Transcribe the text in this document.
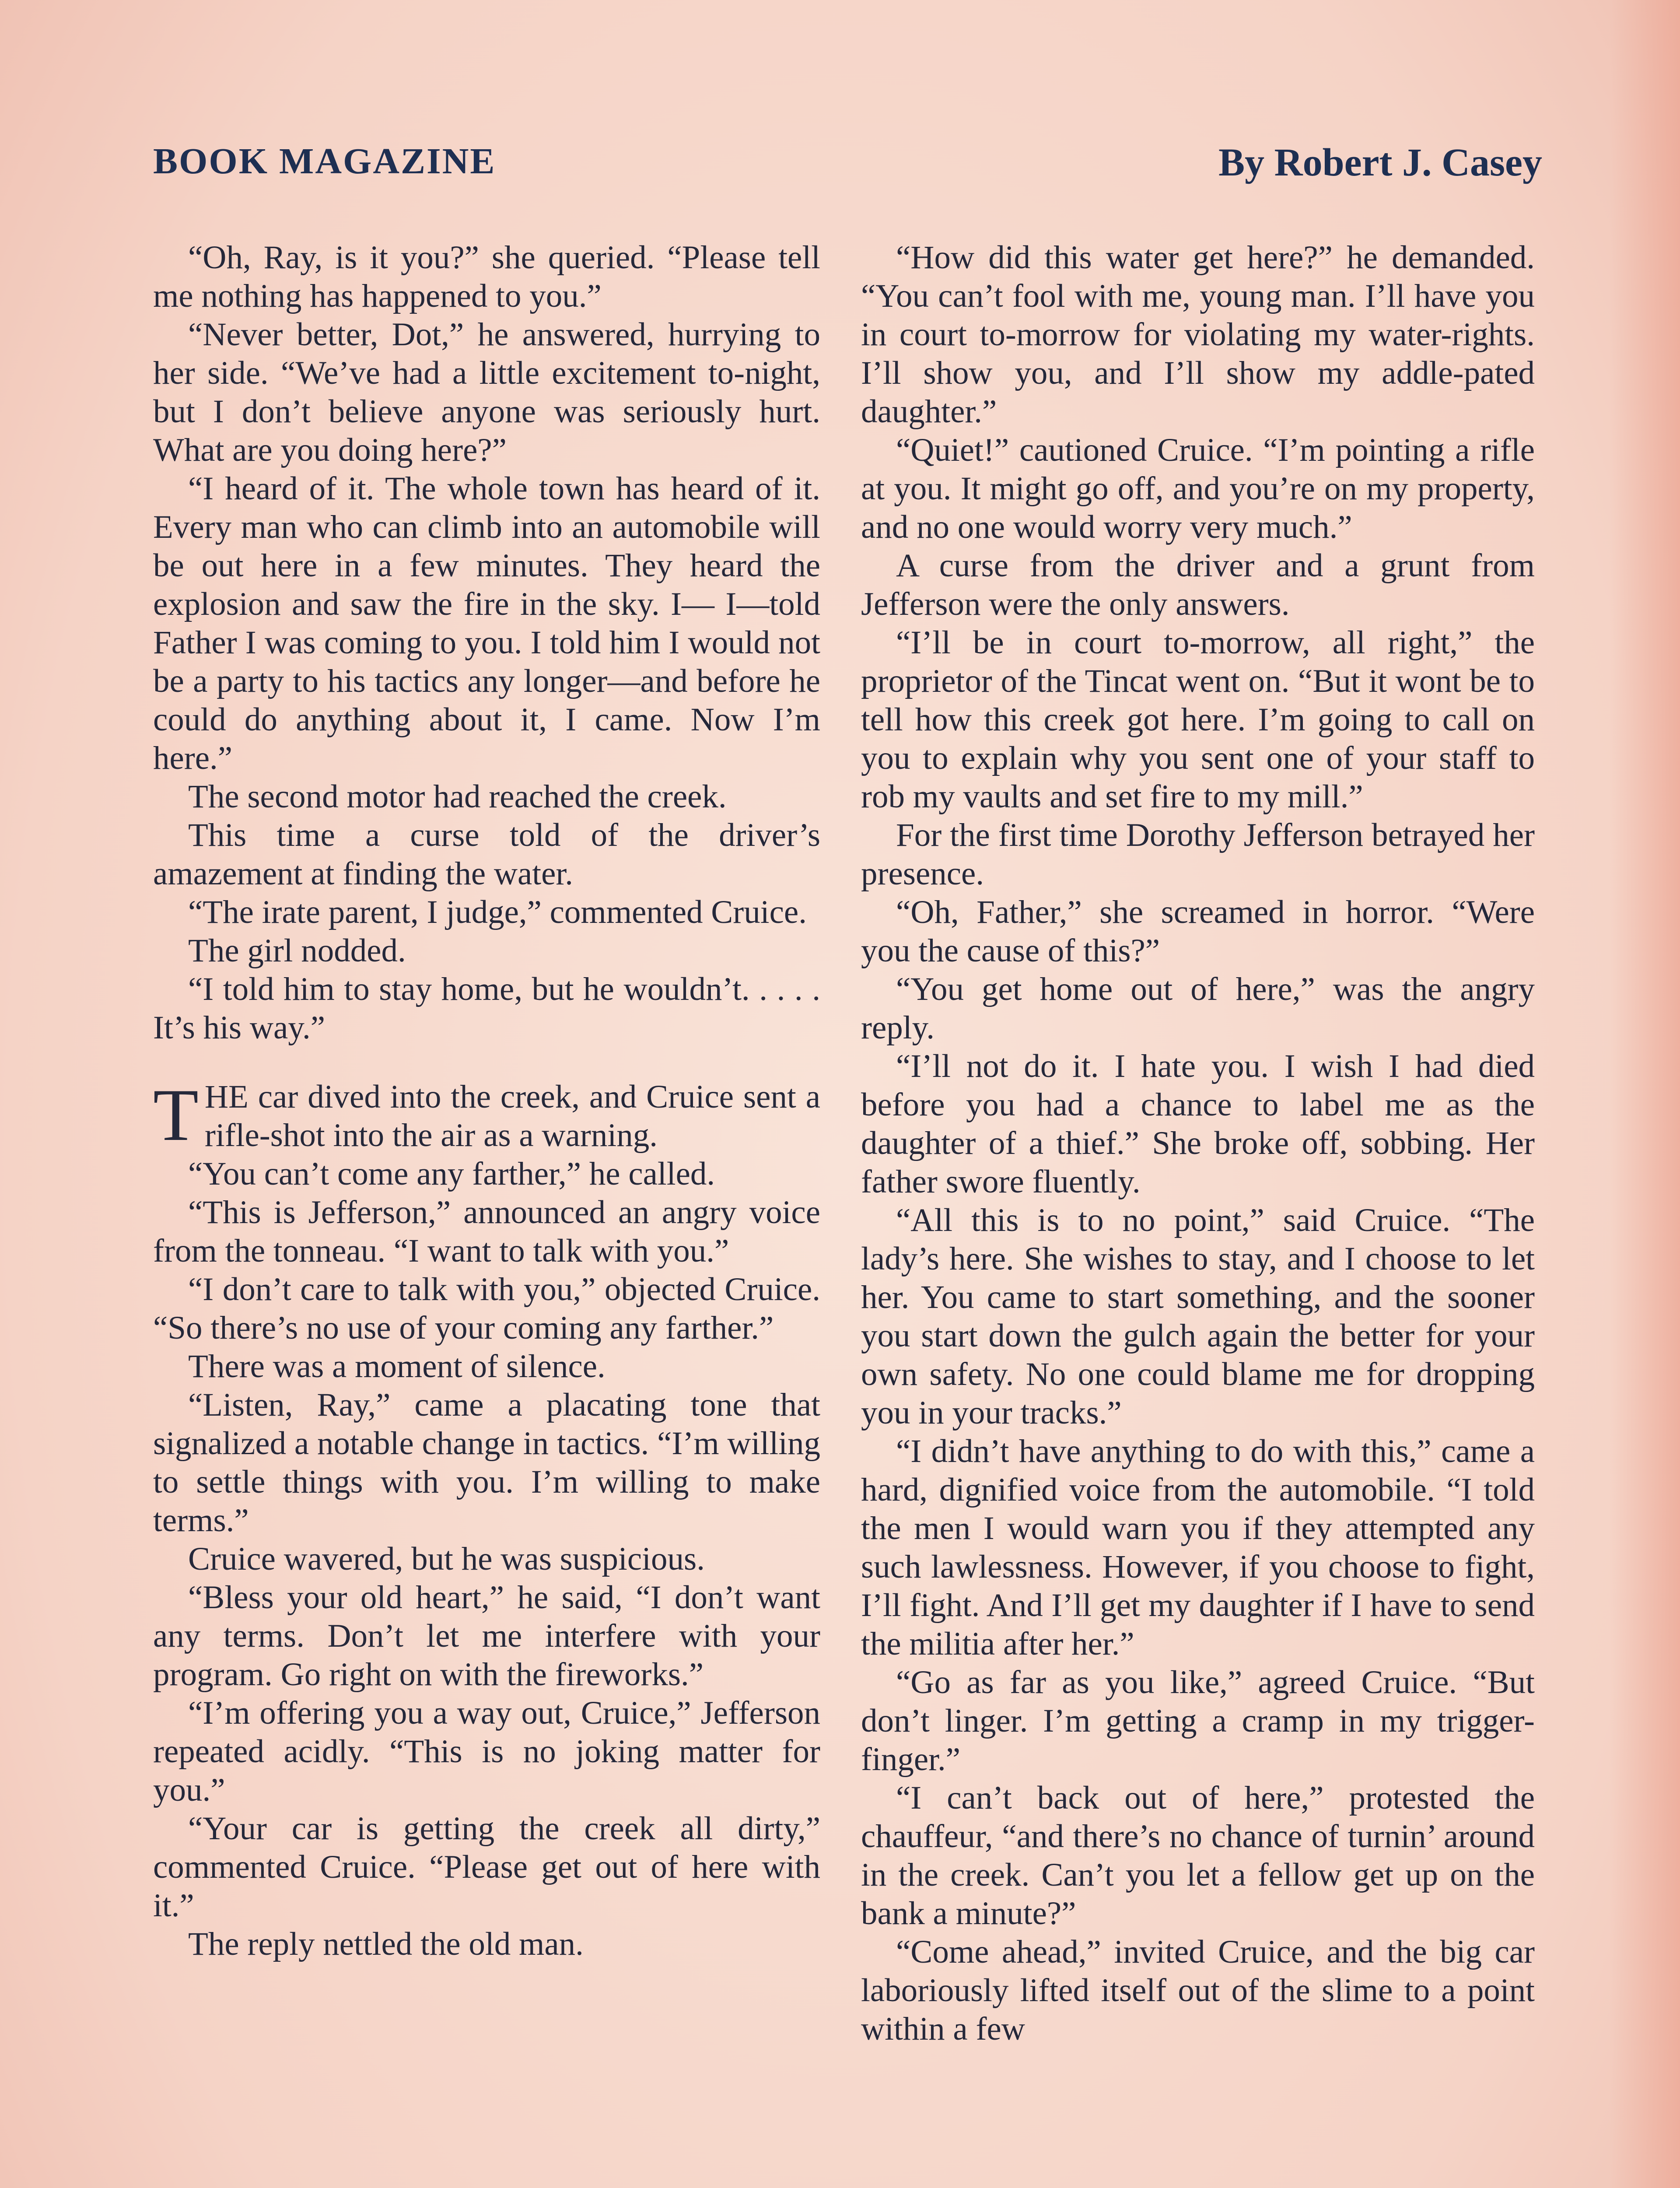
BOOK MAGAZINE	By Robert J. Casey

“Oh, Ray, is it you?” she queried. “Please tell me nothing has happened to you.”

“Never better, Dot,” he answered, hurrying to her side. “We’ve had a little excitement to-night, but I don’t believe anyone was seriously hurt. What are you doing here?”

“I heard of it. The whole town has heard of it. Every man who can climb into an automobile will be out here in a few minutes. They heard the explosion and saw the fire in the sky. I— I—told Father I was coming to you. I told him I would not be a party to his tactics any longer—and before he could do anything about it, I came. Now I’m here.”

The second motor had reached the creek.

This time a curse told of the driver’s amazement at finding the water.

“The irate parent, I judge,” commented Cruice.

The girl nodded.

“I told him to stay home, but he wouldn’t. . . . . It’s his way.”

THE car dived into the creek, and Cruice sent a rifle-shot into the air as a warning.

“You can’t come any farther,” he called.

“This is Jefferson,” announced an angry voice from the tonneau. “I want to talk with you.”

“I don’t care to talk with you,” objected Cruice. “So there’s no use of your coming any farther.”

There was a moment of silence.

“Listen, Ray,” came a placating tone that signalized a notable change in tactics. “I’m willing to settle things with you. I’m willing to make terms.”

Cruice wavered, but he was suspicious.

“Bless your old heart,” he said, “I don’t want any terms. Don’t let me interfere with your program. Go right on with the fireworks.”

“I’m offering you a way out, Cruice,” Jefferson repeated acidly. “This is no joking matter for you.”

“Your car is getting the creek all dirty,” commented Cruice. “Please get out of here with it.”

The reply nettled the old man.

“How did this water get here?” he demanded. “You can’t fool with me, young man. I’ll have you in court to-morrow for violating my water-rights. I’ll show you, and I’ll show my addle-pated daughter.”

“Quiet!” cautioned Cruice. “I’m pointing a rifle at you. It might go off, and you’re on my property, and no one would worry very much.”

A curse from the driver and a grunt from Jefferson were the only answers.

“I’ll be in court to-morrow, all right,” the proprietor of the Tincat went on. “But it wont be to tell how this creek got here. I’m going to call on you to explain why you sent one of your staff to rob my vaults and set fire to my mill.”

For the first time Dorothy Jefferson betrayed her presence.

“Oh, Father,” she screamed in horror. “Were you the cause of this?”

“You get home out of here,” was the angry reply.

“I’ll not do it. I hate you. I wish I had died before you had a chance to label me as the daughter of a thief.” She broke off, sobbing. Her father swore fluently.

“All this is to no point,” said Cruice. “The lady’s here. She wishes to stay, and I choose to let her. You came to start something, and the sooner you start down the gulch again the better for your own safety. No one could blame me for dropping you in your tracks.”

“I didn’t have anything to do with this,” came a hard, dignified voice from the automobile. “I told the men I would warn you if they attempted any such lawlessness. However, if you choose to fight, I’ll fight. And I’ll get my daughter if I have to send the militia after her.”

“Go as far as you like,” agreed Cruice. “But don’t linger. I’m getting a cramp in my trigger-finger.”

“I can’t back out of here,” protested the chauffeur, “and there’s no chance of turnin’ around in the creek. Can’t you let a fellow get up on the bank a minute?”

“Come ahead,” invited Cruice, and the big car laboriously lifted itself out of the slime to a point within a few
